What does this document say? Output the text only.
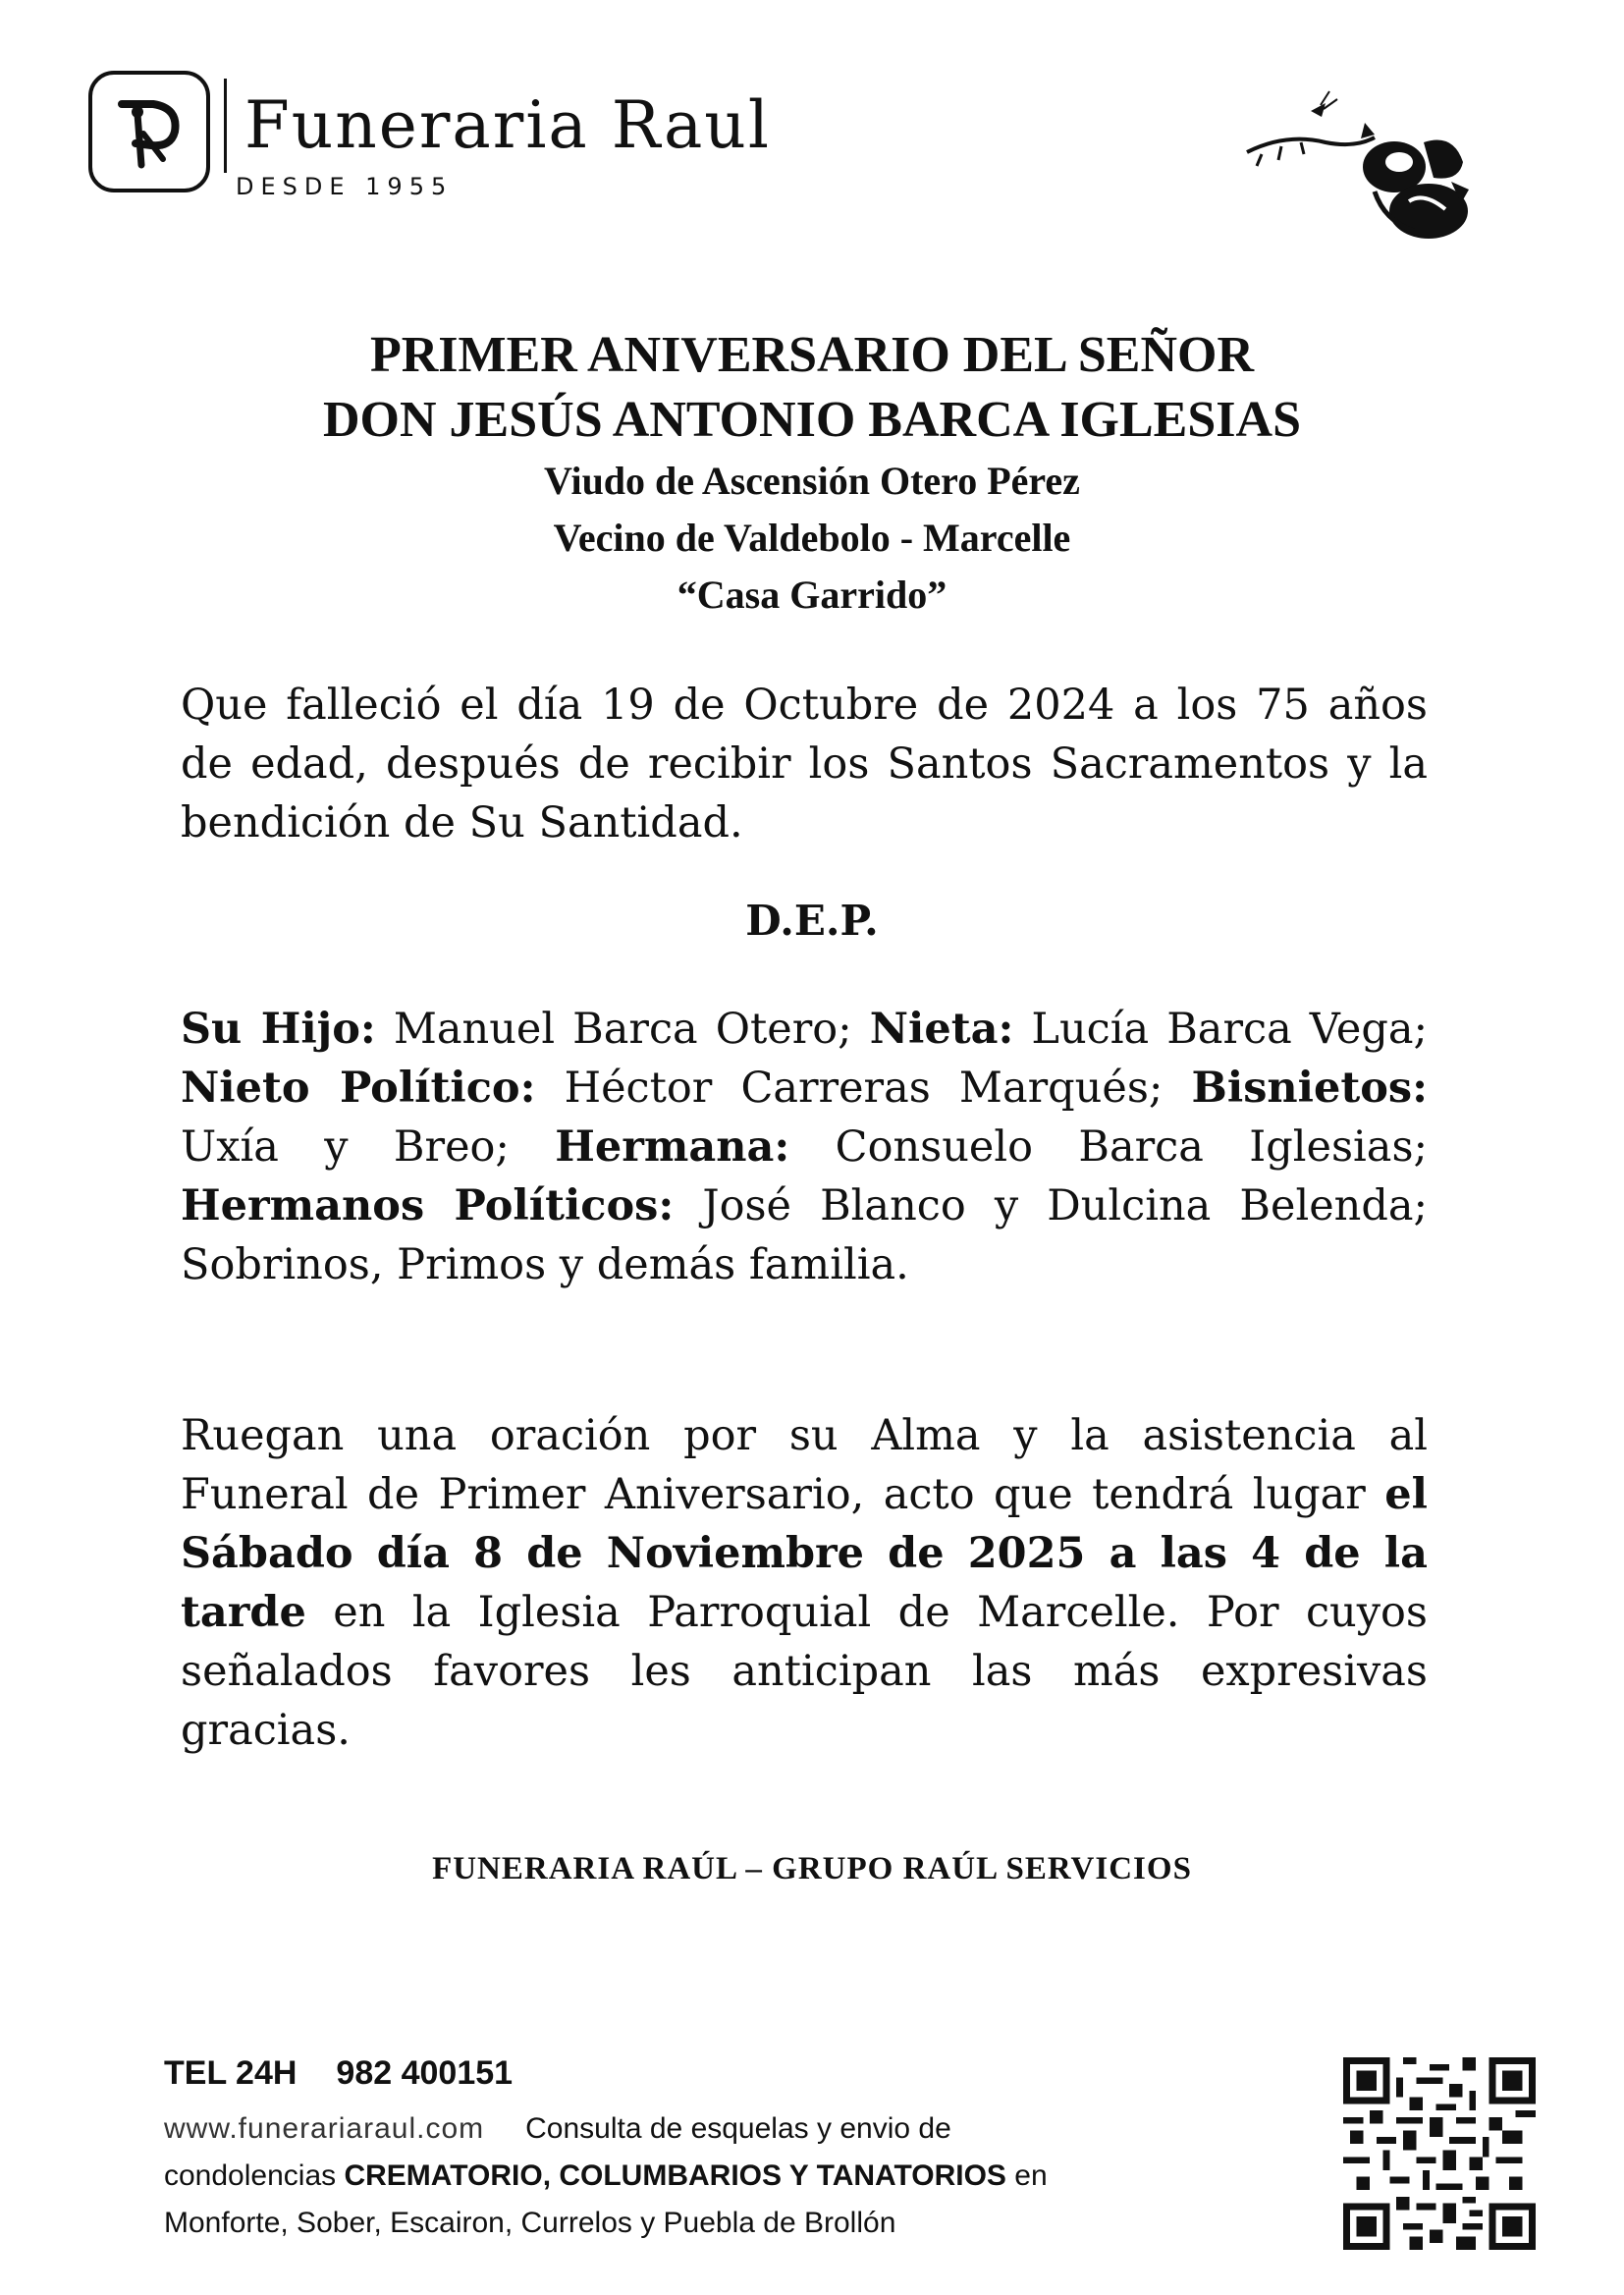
Funeraria Raul
DESDE 1955
PRIMER ANIVERSARIO DEL SEÑOR
DON JESÚS ANTONIO BARCA IGLESIAS
Viudo de Ascensión Otero Pérez
Vecino de Valdebolo - Marcelle
“Casa Garrido”
Que falleció el día 19 de Octubre de 2024 a los 75 años de edad, después de recibir los Santos Sacramentos y la bendición de Su Santidad.
D.E.P.
Su Hijo: Manuel Barca Otero; Nieta: Lucía Barca Vega; Nieto Político: Héctor Carreras Marqués; Bisnietos: Uxía y Breo; Hermana: Consuelo Barca Iglesias; Hermanos Políticos: José Blanco y Dulcina Belenda; Sobrinos, Primos y demás familia.
Ruegan una oración por su Alma y la asistencia al Funeral de Primer Aniversario, acto que tendrá lugar el Sábado día 8 de Noviembre de 2025 a las 4 de la tarde en la Iglesia Parroquial de Marcelle. Por cuyos señalados favores les anticipan las más expresivas gracias.
FUNERARIA RAÚL – GRUPO RAÚL SERVICIOS
TEL 24H 982 400151
www.funerariaraul.com Consulta de esquelas y envio de
condolencias CREMATORIO, COLUMBARIOS Y TANATORIOS en
Monforte, Sober, Escairon, Currelos y Puebla de Brollón
